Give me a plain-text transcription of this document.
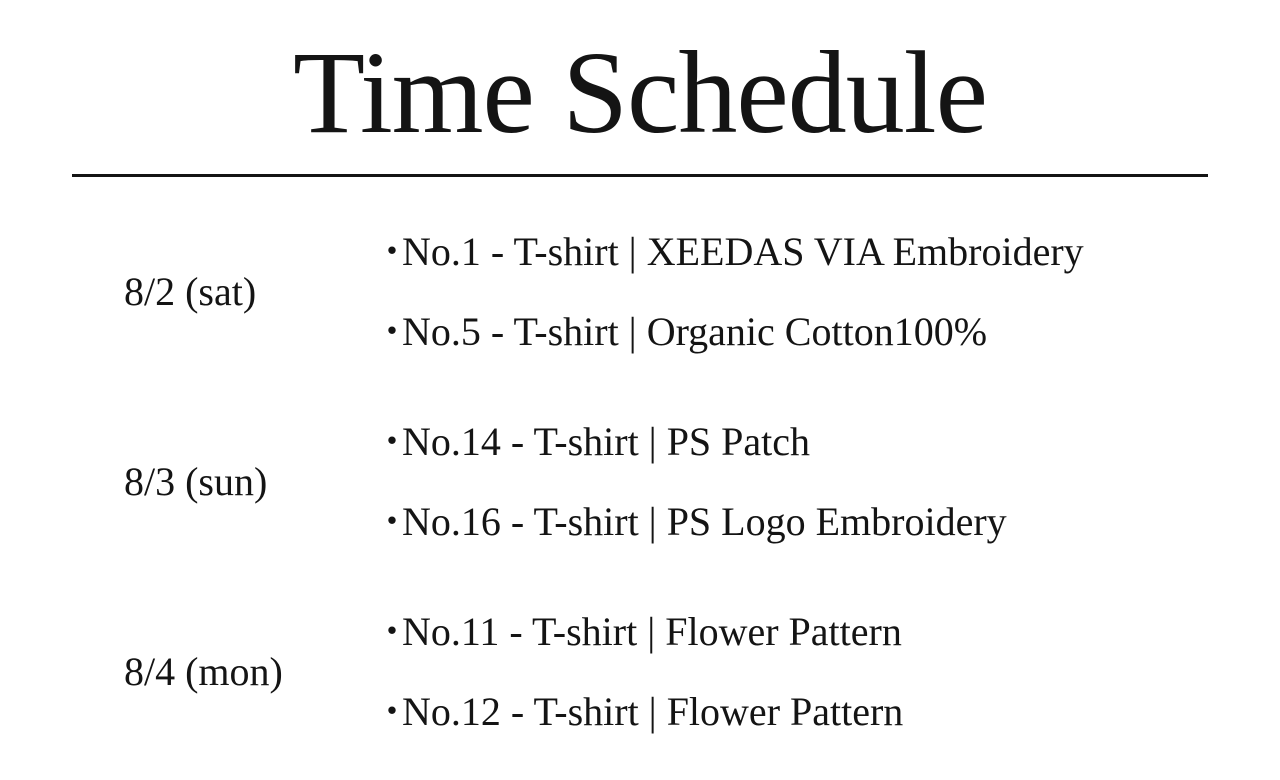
Time Schedule
8/2 (sat)
・No.1 - T-shirt | XEEDAS VIA Embroidery
・No.5 - T-shirt | Organic Cotton100%
8/3 (sun)
・No.14 - T-shirt | PS Patch
・No.16 - T-shirt | PS Logo Embroidery
8/4 (mon)
・No.11 - T-shirt | Flower Pattern
・No.12 - T-shirt | Flower Pattern
